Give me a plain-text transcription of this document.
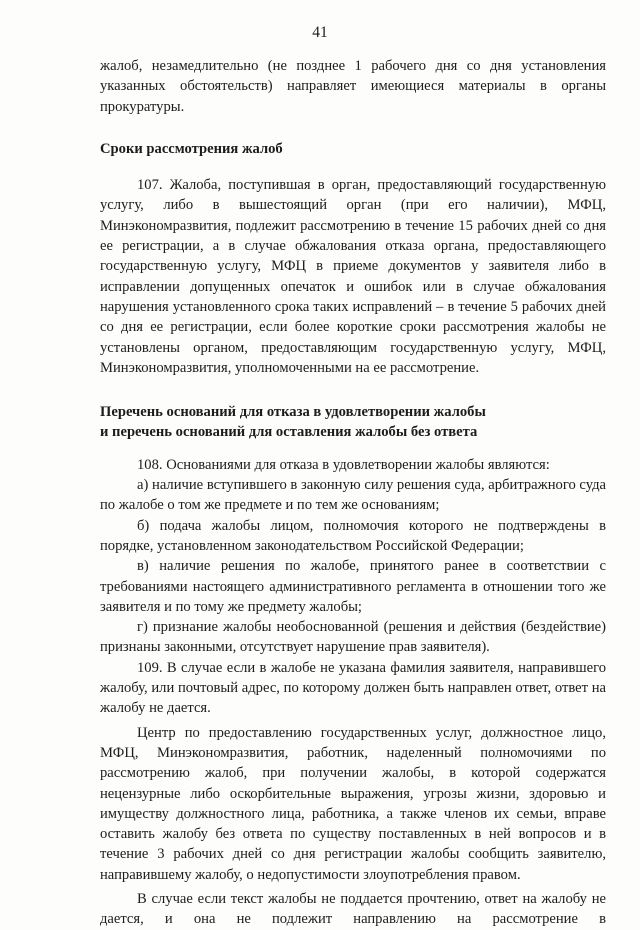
41

жалоб, незамедлительно (не позднее 1 рабочего дня со дня установления указанных обстоятельств) направляет имеющиеся материалы в органы прокуратуры.

Сроки рассмотрения жалоб

107. Жалоба, поступившая в орган, предоставляющий государственную услугу, либо в вышестоящий орган (при его наличии), МФЦ, Минэкономразвития, подлежит рассмотрению в течение 15 рабочих дней со дня ее регистрации, а в случае обжалования отказа органа, предоставляющего государственную услугу, МФЦ в приеме документов у заявителя либо в исправлении допущенных опечаток и ошибок или в случае обжалования нарушения установленного срока таких исправлений – в течение 5 рабочих дней со дня ее регистрации, если более короткие сроки рассмотрения жалобы не установлены органом, предоставляющим государственную услугу, МФЦ, Минэкономразвития, уполномоченными на ее рассмотрение.

Перечень оснований для отказа в удовлетворении жалобы

и перечень оснований для оставления жалобы без ответа

108. Основаниями для отказа в удовлетворении жалобы являются:

а) наличие вступившего в законную силу решения суда, арбитражного суда по жалобе о том же предмете и по тем же основаниям;

б) подача жалобы лицом, полномочия которого не подтверждены в порядке, установленном законодательством Российской Федерации;

в) наличие решения по жалобе, принятого ранее в соответствии с требованиями настоящего административного регламента в отношении того же заявителя и по тому же предмету жалобы;

г) признание жалобы необоснованной (решения и действия (бездействие) признаны законными, отсутствует нарушение прав заявителя).

109. В случае если в жалобе не указана фамилия заявителя, направившего жалобу, или почтовый адрес, по которому должен быть направлен ответ, ответ на жалобу не дается.

Центр по предоставлению государственных услуг, должностное лицо, МФЦ, Минэкономразвития, работник, наделенный полномочиями по рассмотрению жалоб, при получении жалобы, в которой содержатся нецензурные либо оскорбительные выражения, угрозы жизни, здоровью и имуществу должностного лица, работника, а также членов их семьи, вправе оставить жалобу без ответа по существу поставленных в ней вопросов и в течение 3 рабочих дней со дня регистрации жалобы сообщить заявителю, направившему жалобу, о недопустимости злоупотребления правом.

В случае если текст жалобы не поддается прочтению, ответ на жалобу не дается, и она не подлежит направлению на рассмотрение в
